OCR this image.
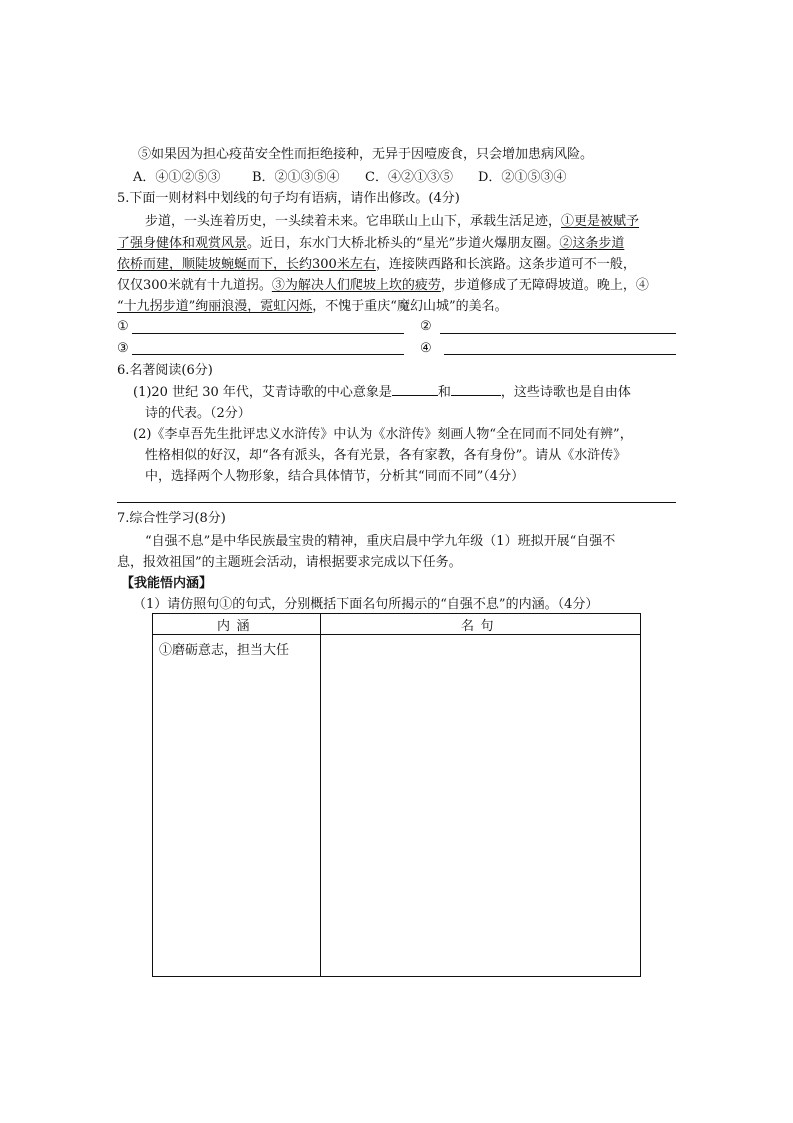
⑤如果因为担心疫苗安全性而拒绝接种，无异于因噎废食，只会增加患病风险。
A．④①②⑤③ B．②①③⑤④ C．④②①③⑤ D．②①⑤③④
5.下面一则材料中划线的句子均有语病，请作出修改。(4分)
步道，一头连着历史，一头续着未来。它串联山上山下，承载生活足迹，①更是被赋予
了强身健体和观赏风景。近日，东水门大桥北桥头的“星光”步道火爆朋友圈。②这条步道
依桥而建，顺陡坡蜿蜒而下，长约300米左右，连接陕西路和长滨路。这条步道可不一般，
仅仅300米就有十九道拐。③为解决人们爬坡上坎的疲劳，步道修成了无障碍坡道。晚上，④
“十九拐步道”绚丽浪漫，霓虹闪烁，不愧于重庆“魔幻山城”的美名。
①	②
③	④
6.名著阅读(6分)
(1)20 世纪 30 年代，艾青诗歌的中心意象是	和	，这些诗歌也是自由体
诗的代表。（2分）
(2)《李卓吾先生批评忠义水浒传》中认为《水浒传》刻画人物“全在同而不同处有辨”，
性格相似的好汉，却“各有派头，各有光景，各有家教，各有身份”。请从《水浒传》
中，选择两个人物形象，结合具体情节，分析其“同而不同”（4分）
7.综合性学习(8分)
“自强不息”是中华民族最宝贵的精神，重庆启晨中学九年级（1）班拟开展“自强不
息，报效祖国”的主题班会活动，请根据要求完成以下任务。
【我能悟内涵】
（1）请仿照句①的句式，分别概括下面名句所揭示的“自强不息”的内涵。（4分）
内涵	名句
①磨砺意志，担当大任	
